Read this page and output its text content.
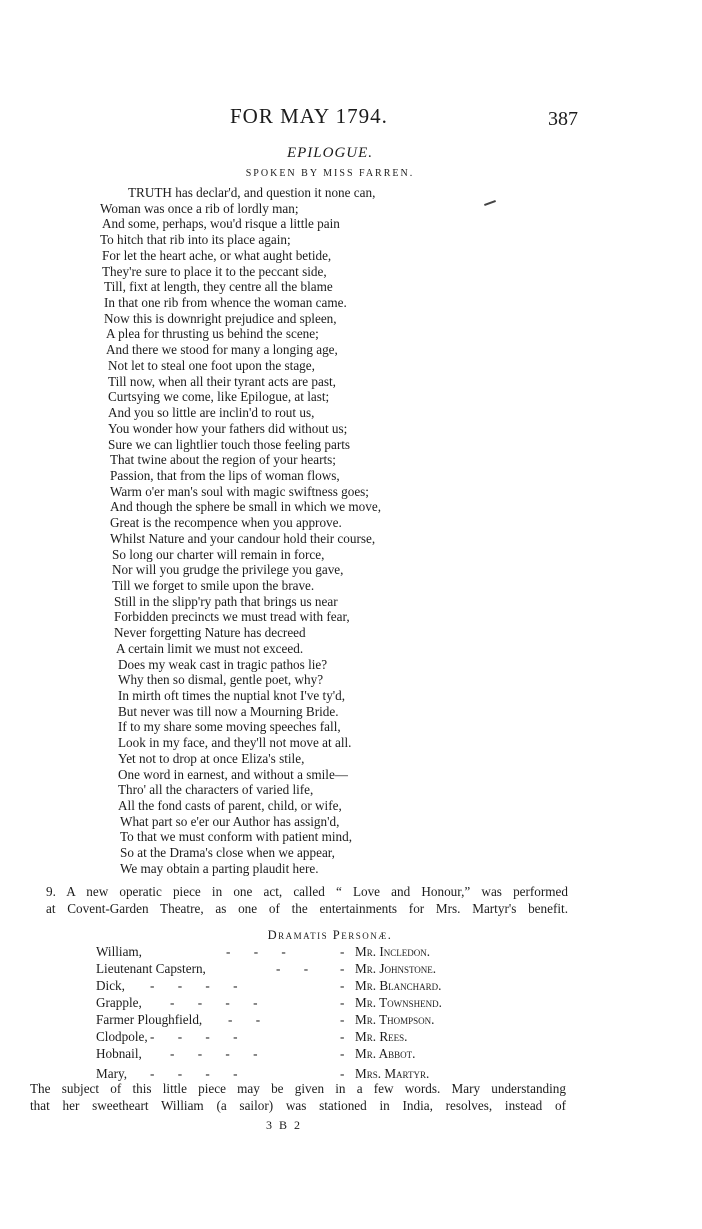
FOR MAY 1794.	387
EPILOGUE.
SPOKEN BY MISS FARREN.
TRUTH has declar'd, and question it none can,
Woman was once a rib of lordly man;
And some, perhaps, wou'd risque a little pain
To hitch that rib into its place again;
For let the heart ache, or what aught betide,
They're sure to place it to the peccant side,
Till, fixt at length, they centre all the blame
In that one rib from whence the woman came.
Now this is downright prejudice and spleen,
A plea for thrusting us behind the scene;
And there we stood for many a longing age,
Not let to steal one foot upon the stage,
Till now, when all their tyrant acts are past,
Curtsying we come, like Epilogue, at last;
And you so little are inclin'd to rout us,
You wonder how your fathers did without us;
Sure we can lightlier touch those feeling parts
That twine about the region of your hearts;
Passion, that from the lips of woman flows,
Warm o'er man's soul with magic swiftness goes;
And though the sphere be small in which we move,
Great is the recompence when you approve.
Whilst Nature and your candour hold their course,
So long our charter will remain in force,
Nor will you grudge the privilege you gave,
Till we forget to smile upon the brave.
Still in the slipp'ry path that brings us near
Forbidden precincts we must tread with fear,
Never forgetting Nature has decreed
A certain limit we must not exceed.
Does my weak cast in tragic pathos lie?
Why then so dismal, gentle poet, why?
In mirth oft times the nuptial knot I've ty'd,
But never was till now a Mourning Bride.
If to my share some moving speeches fall,
Look in my face, and they'll not move at all.
Yet not to drop at once Eliza's stile,
One word in earnest, and without a smile—
Thro' all the characters of varied life,
All the fond casts of parent, child, or wife,
What part so e'er our Author has assign'd,
To that we must conform with patient mind,
So at the Drama's close when we appear,
We may obtain a parting plaudit here.

9. A new operatic piece in one act, called “ Love and Honour,” was performed

at Covent-Garden Theatre, as one of the entertainments for Mrs. Martyr's benefit.

Dramatis Personæ.
William,	- - -	- Mr. Incledon.
Lieutenant Capstern,	- - - Mr. Johnstone.
Dick, - - - -	- Mr. Blanchard.
Grapple, - - - -	- Mr. Townshend.
Farmer Ploughfield, - -	- Mr. Thompson.
Clodpole, - - - -	- Mr. Rees.
Hobnail, - - - -	- Mr. Abbot.
Mary, - - - -	- Mrs. Martyr.

The subject of this little piece may be given in a few words. Mary understanding

that her sweetheart William (a sailor) was stationed in India, resolves, instead of

3 B 2
